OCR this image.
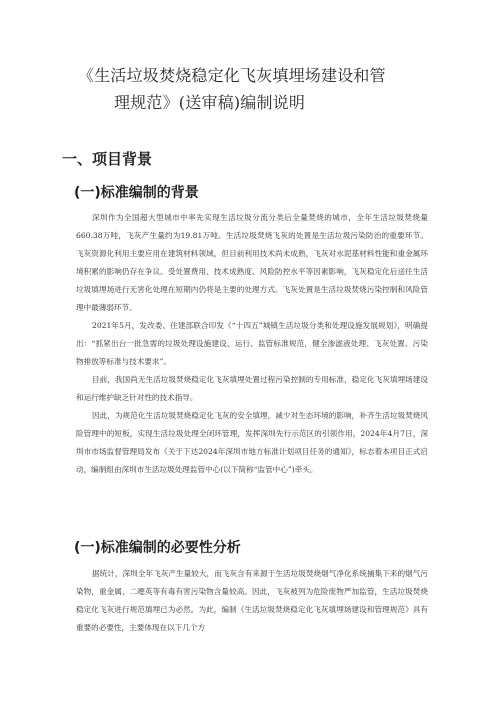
《生活垃圾焚烧稳定化飞灰填埋场建设和管
理规范》(送审稿)编制说明
一、项目背景
(一)标准编制的背景

深圳作为全国超大型城市中率先实现生活垃圾分流分类后全量焚烧的城市，全年生活垃圾焚烧量660.38万吨，飞灰产生量约为19.81万吨。生活垃圾焚烧飞灰的处置是生活垃圾污染防治的重要环节。飞灰资源化利用主要应用在建筑材料领域，但目前利用技术尚未成熟，飞灰对水泥基材料性能和重金属环境积累的影响仍存在争议。受处置费用、技术成熟度、风险防控水平等因素影响，飞灰稳定化后送往生活垃圾填埋场进行无害化处理在短期内仍将是主要的处理方式。飞灰处置是生活垃圾焚烧污染控制和风险管理中最薄弱环节。

2021年5月，发改委、住建部联合印发《“十四五”城镇生活垃圾分类和处理设施发展规划》，明确提出：“抓紧出台一批急需的垃圾处理设施建设、运行、监管标准规范，健全渗滤液处理、飞灰处置、污染物排放等标准与技术要求”。

目前，我国尚无生活垃圾焚烧稳定化飞灰填埋处置过程污染控制的专用标准，稳定化飞灰填埋场建设和运行维护缺乏针对性的技术指导。

因此，为规范化生活垃圾焚烧稳定化飞灰的安全填埋，减少对生态环境的影响，补齐生活垃圾焚烧风险管理中的短板，实现生活垃圾处理全闭环管理，发挥深圳先行示范区的引领作用，2024年4月7日，深圳市市场监督管理局发布《关于下达2024年深圳市地方标准计划项目任务的通知》，标志着本项目正式启动，编制组由深圳市生活垃圾处理监管中心(以下简称“监管中心”)牵头。

(一)标准编制的必要性分析

据统计，深圳全年飞灰产生量较大，而飞灰含有来源于生活垃圾焚烧烟气净化系统捕集下来的烟气污染物，重金属、二噁英等有毒有害污染物含量较高。因此，飞灰被列为危险废物严加监管，生活垃圾焚烧稳定化飞灰进行规范填埋已为必然。为此，编制《生活垃圾焚烧稳定化飞灰填埋场建设和管理规范》具有重要的必要性，主要体现在以下几个方
